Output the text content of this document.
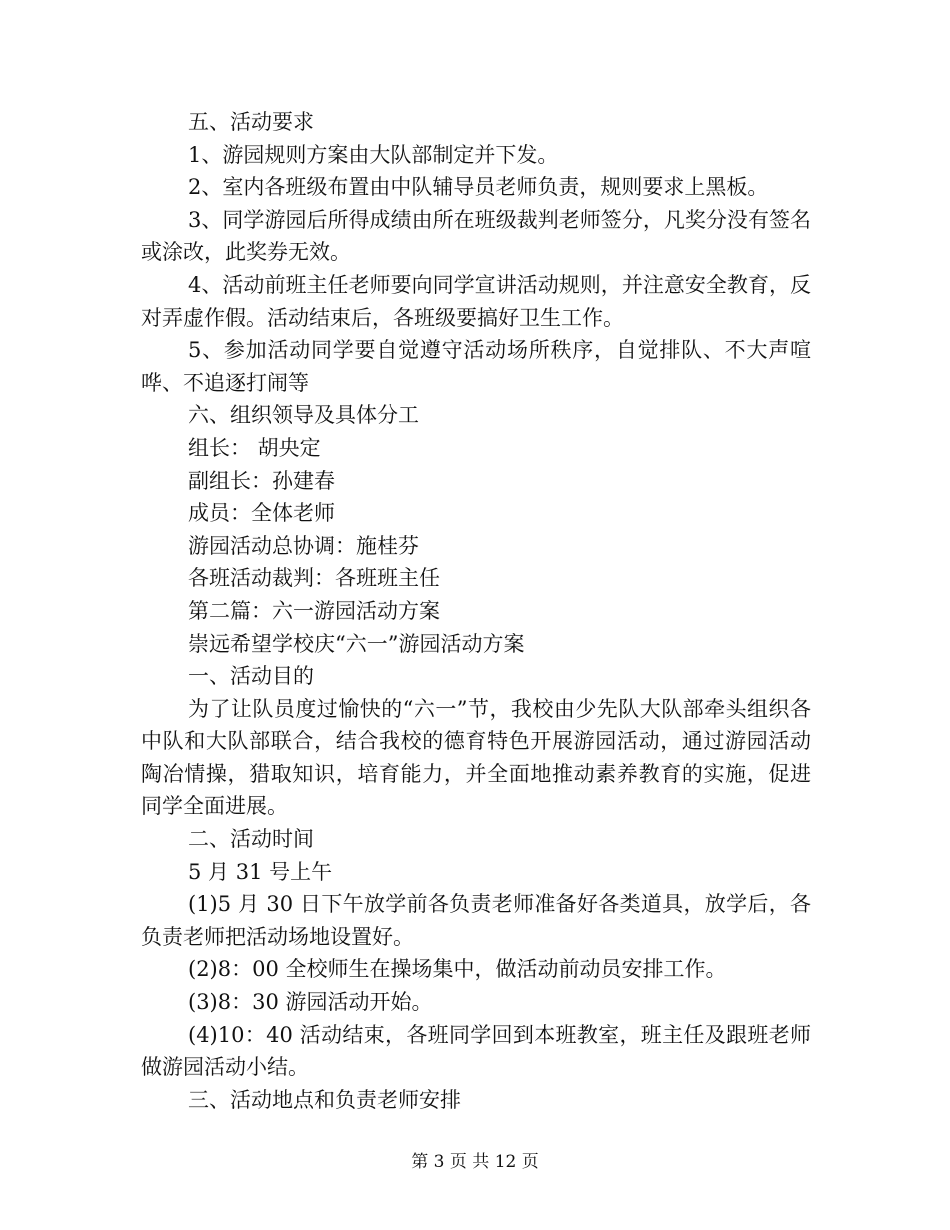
五、活动要求

1、游园规则方案由大队部制定并下发。

2、室内各班级布置由中队辅导员老师负责，规则要求上黑板。

3、同学游园后所得成绩由所在班级裁判老师签分，凡奖分没有签名或涂改，此奖券无效。

4、活动前班主任老师要向同学宣讲活动规则，并注意安全教育，反对弄虚作假。活动结束后，各班级要搞好卫生工作。

5、参加活动同学要自觉遵守活动场所秩序，自觉排队、不大声喧哗、不追逐打闹等

六、组织领导及具体分工

组长： 胡央定

副组长：孙建春

成员：全体老师

游园活动总协调：施桂芬

各班活动裁判：各班班主任

第二篇：六一游园活动方案

崇远希望学校庆“六一”游园活动方案

一、活动目的

为了让队员度过愉快的“六一”节，我校由少先队大队部牵头组织各中队和大队部联合，结合我校的德育特色开展游园活动，通过游园活动陶冶情操，猎取知识，培育能力，并全面地推动素养教育的实施，促进同学全面进展。

二、活动时间

5 月 31 号上午

(1)5 月 30 日下午放学前各负责老师准备好各类道具，放学后，各负责老师把活动场地设置好。

(2)8：00 全校师生在操场集中，做活动前动员安排工作。

(3)8：30 游园活动开始。

(4)10：40 活动结束，各班同学回到本班教室，班主任及跟班老师做游园活动小结。

三、活动地点和负责老师安排

第 3 页 共 12 页
